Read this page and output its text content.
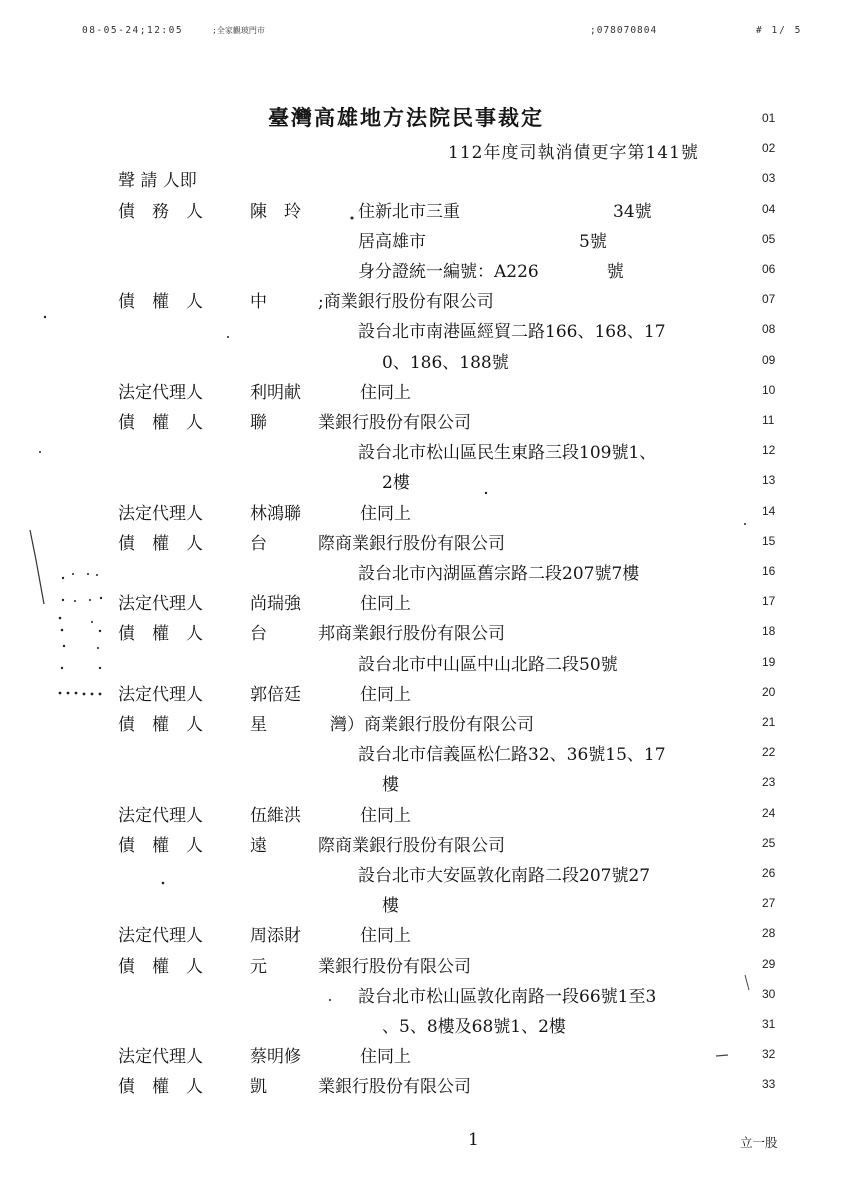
08-05-24;12:05	;全家觀玻門市	;078070804	# 1/ 5
臺灣高雄地方法院民事裁定
112年度司執消債更字第141號
01
02
03
聲 請 人即
04
債　務　人	陳　玲	住新北市三重　　　　　　　　　34號
05
居高雄市　　　　　　　　　5號
06
身分證統一編號：A226　　　　號
07
債　權　人	中	;商業銀行股份有限公司
08
設台北市南港區經貿二路166、168、17
09
0、186、188號
10
法定代理人	利明献	住同上
11
債　權　人	聯	業銀行股份有限公司
12
設台北市松山區民生東路三段109號1、
13
2樓
14
法定代理人	林鴻聯	住同上
15
債　權　人	台	際商業銀行股份有限公司
16
設台北市內湖區舊宗路二段207號7樓
17
法定代理人	尚瑞強	住同上
18
債　權　人	台	邦商業銀行股份有限公司
19
設台北市中山區中山北路二段50號
20
法定代理人	郭倍廷	住同上
21
債　權　人	星	灣）商業銀行股份有限公司
22
設台北市信義區松仁路32、36號15、17
23
樓
24
法定代理人	伍維洪	住同上
25
債　權　人	遠	際商業銀行股份有限公司
26
設台北市大安區敦化南路二段207號27
27
樓
28
法定代理人	周添財	住同上
29
債　權　人	元	業銀行股份有限公司
30
設台北市松山區敦化南路一段66號1至3
31
、5、8樓及68號1、2樓
32
法定代理人	蔡明修	住同上
33
債　權　人	凱	業銀行股份有限公司
1	立一股
